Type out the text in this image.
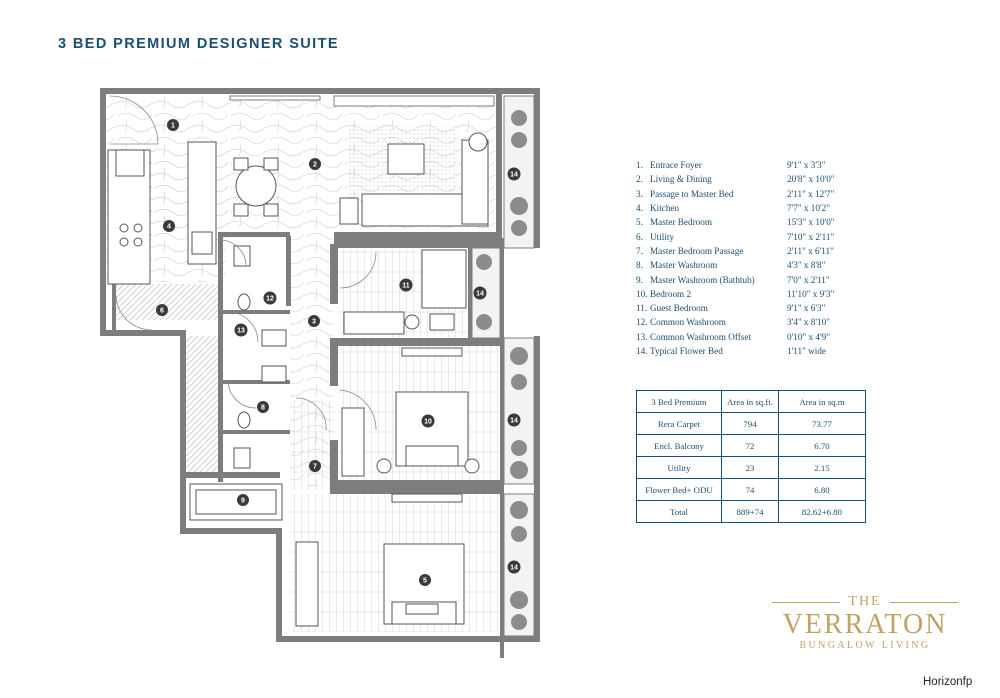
3 BED PREMIUM DESIGNER SUITE
1
2
3
4
5
6
7
8
9
10
11
12
13
14
14
14
14
1. Entrace Foyer	9'1" x 3'3"
2. Living & Dining	20'8" x 10'0"
3. Passage to Master Bed	2'11" x 12'7"
4. Kitchen	7'7" x 10'2"
5. Master Bedroom	15'3" x 10'0"
6. Utility	7'10" x 2'11"
7. Master Bedroom Passage	2'11" x 6'11"
8. Master Washroom	4'3" x 8'8"
9. Master Washroom (Bathtub)	7'0" x 2'11"
10. Bedroom 2	11'10" x 9'3"
11. Guest Bedroom	9'1" x 6'3"
12. Common Washroom	3'4" x 8'10"
13. Common Washroom Offset	0'10" x 4'9"
14. Typical Flower Bed	1'11" wide
3 Bed Premium	Area in sq.ft.	Area in sq.m
Rera Carpet	794	73.77
Encl. Balcony	72	6.70
Utility	23	2.15
Flower Bed+ ODU	74	6.80
Total	889+74	82.62+6.80
THE
VERRATON
BUNGALOW LIVING
Horizonfp
